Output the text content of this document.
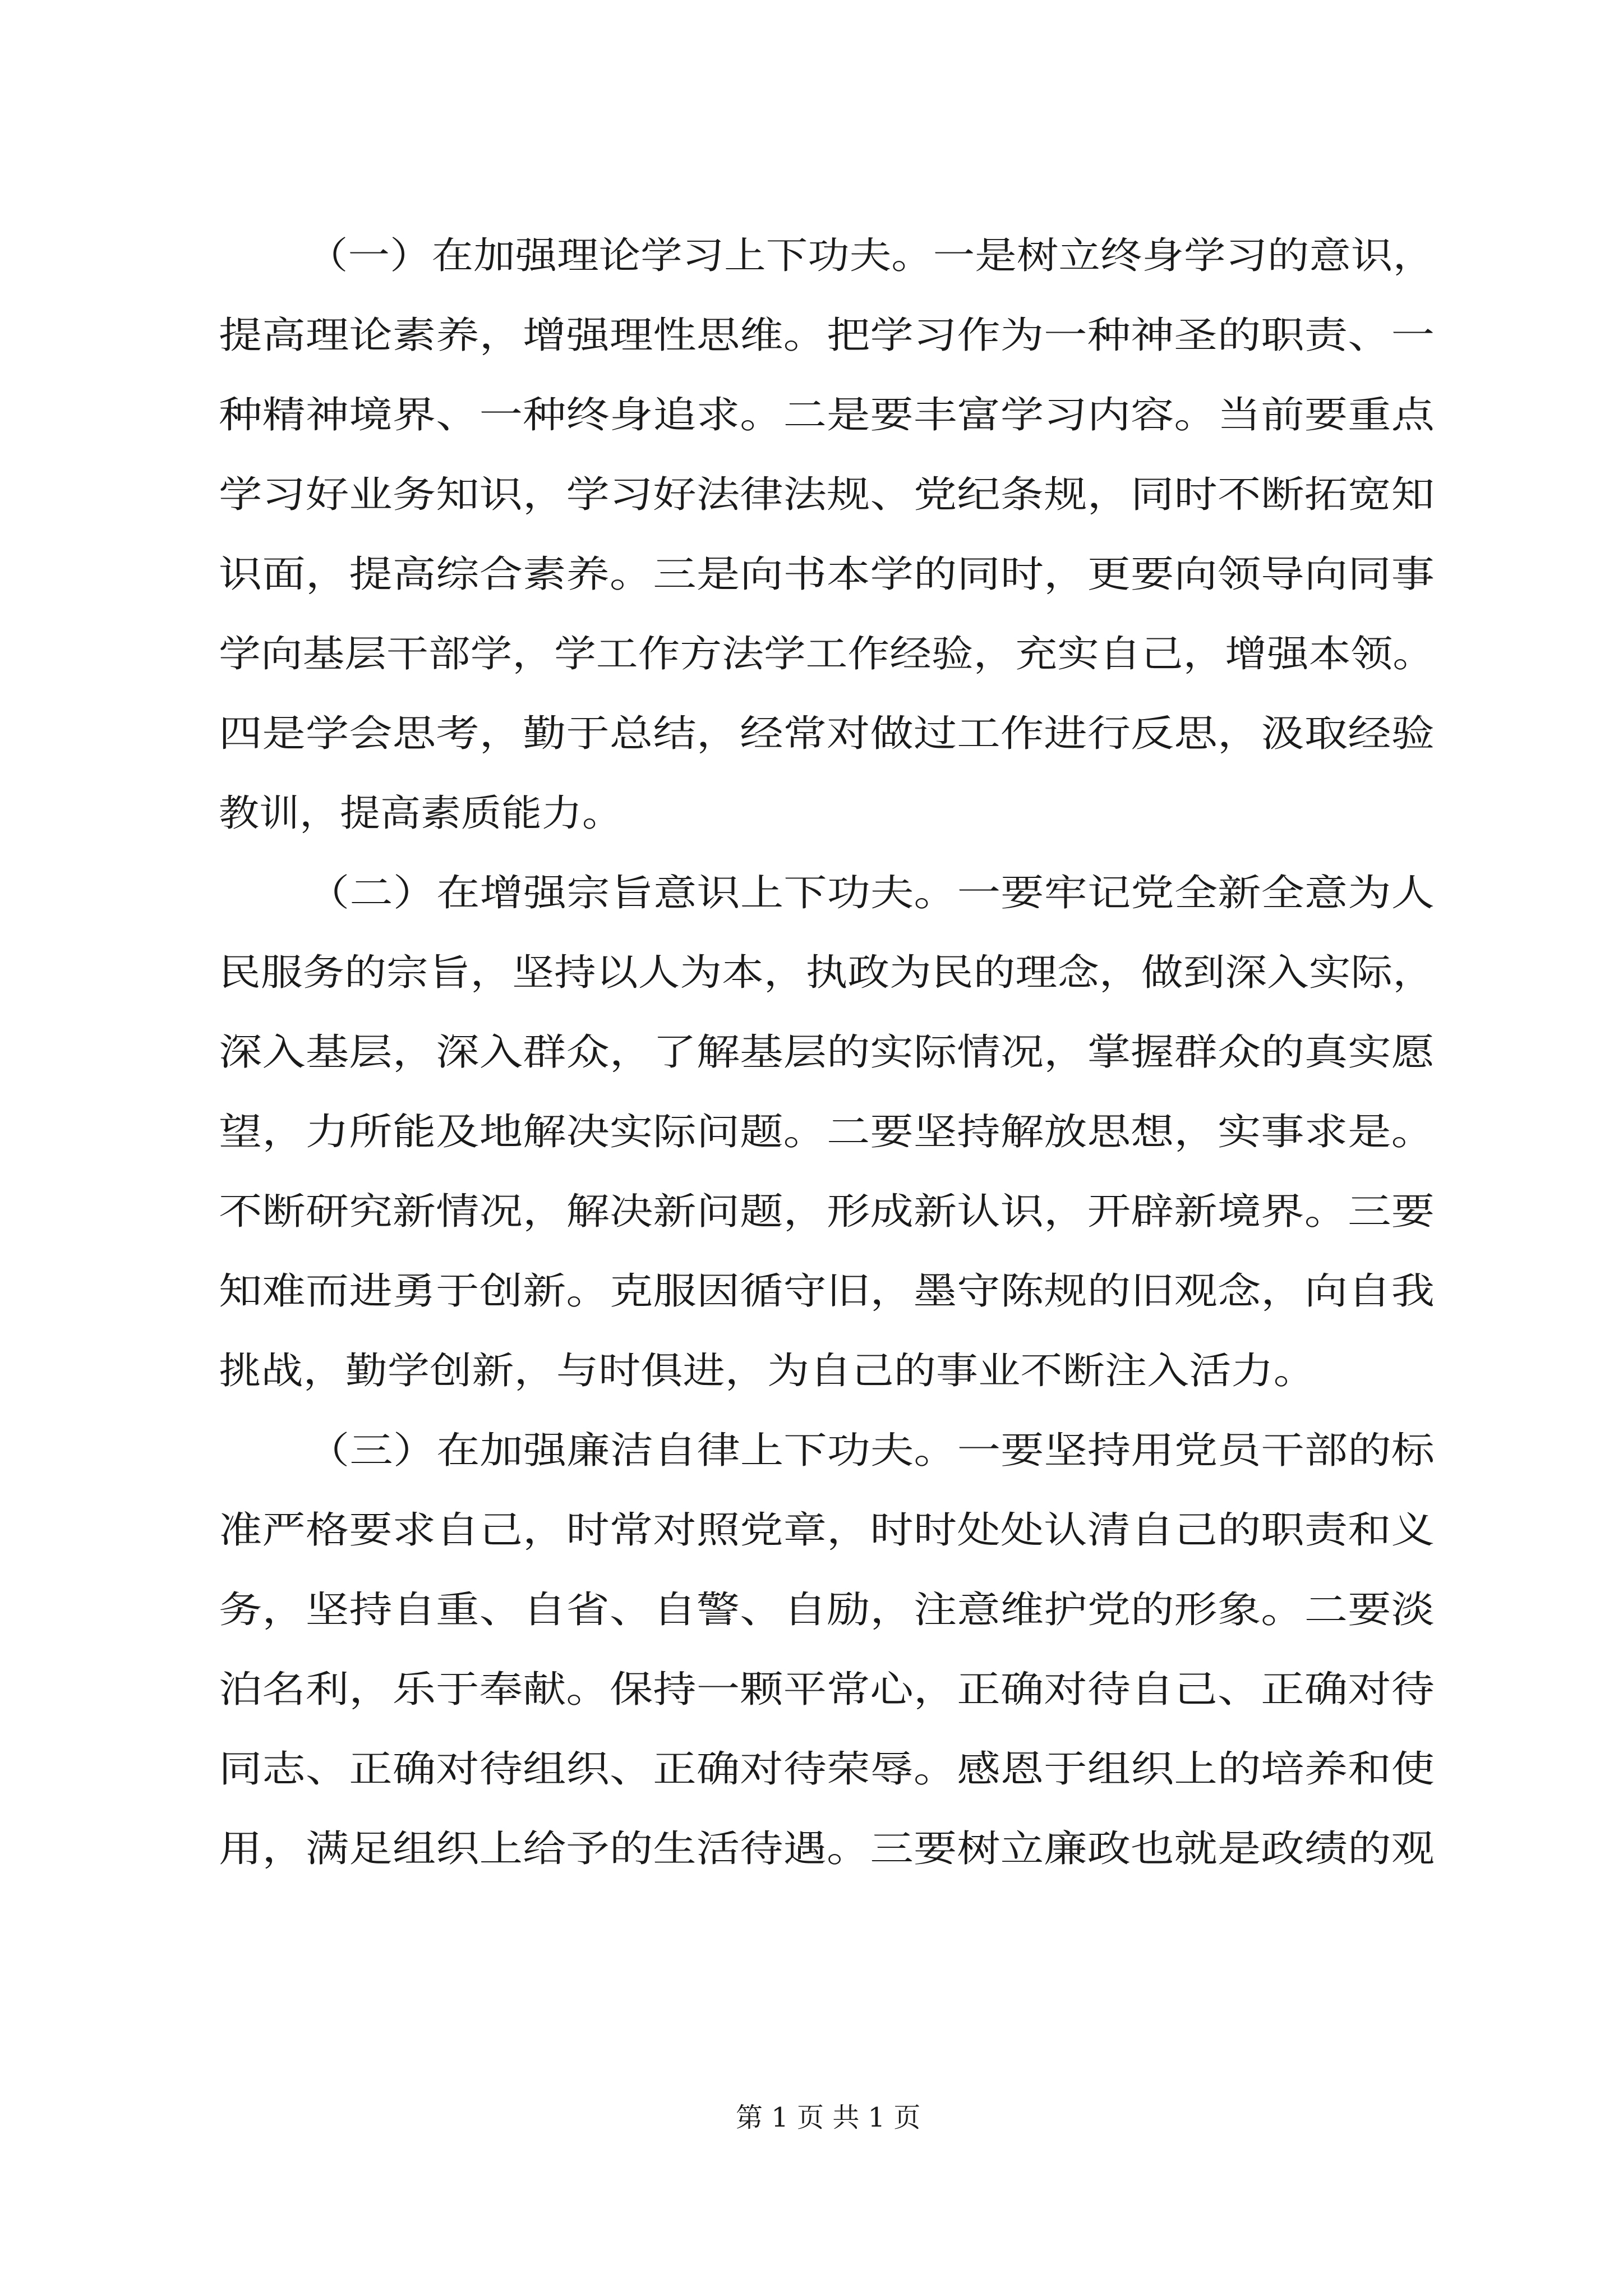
（一）在加强理论学习上下功夫。一是树立终身学习的意识，

提高理论素养，增强理性思维。把学习作为一种神圣的职责、一

种精神境界、一种终身追求。二是要丰富学习内容。当前要重点

学习好业务知识，学习好法律法规、党纪条规，同时不断拓宽知

识面，提高综合素养。三是向书本学的同时，更要向领导向同事

学向基层干部学，学工作方法学工作经验，充实自己，增强本领。

四是学会思考，勤于总结，经常对做过工作进行反思，汲取经验

教训，提高素质能力。

（二）在增强宗旨意识上下功夫。一要牢记党全新全意为人

民服务的宗旨，坚持以人为本，执政为民的理念，做到深入实际，

深入基层，深入群众，了解基层的实际情况，掌握群众的真实愿

望，力所能及地解决实际问题。二要坚持解放思想，实事求是。

不断研究新情况，解决新问题，形成新认识，开辟新境界。三要

知难而进勇于创新。克服因循守旧，墨守陈规的旧观念，向自我

挑战，勤学创新，与时俱进，为自己的事业不断注入活力。

（三）在加强廉洁自律上下功夫。一要坚持用党员干部的标

准严格要求自己，时常对照党章，时时处处认清自己的职责和义

务，坚持自重、自省、自警、自励，注意维护党的形象。二要淡

泊名利，乐于奉献。保持一颗平常心，正确对待自己、正确对待

同志、正确对待组织、正确对待荣辱。感恩于组织上的培养和使

用，满足组织上给予的生活待遇。三要树立廉政也就是政绩的观

第 1 页 共 1 页
